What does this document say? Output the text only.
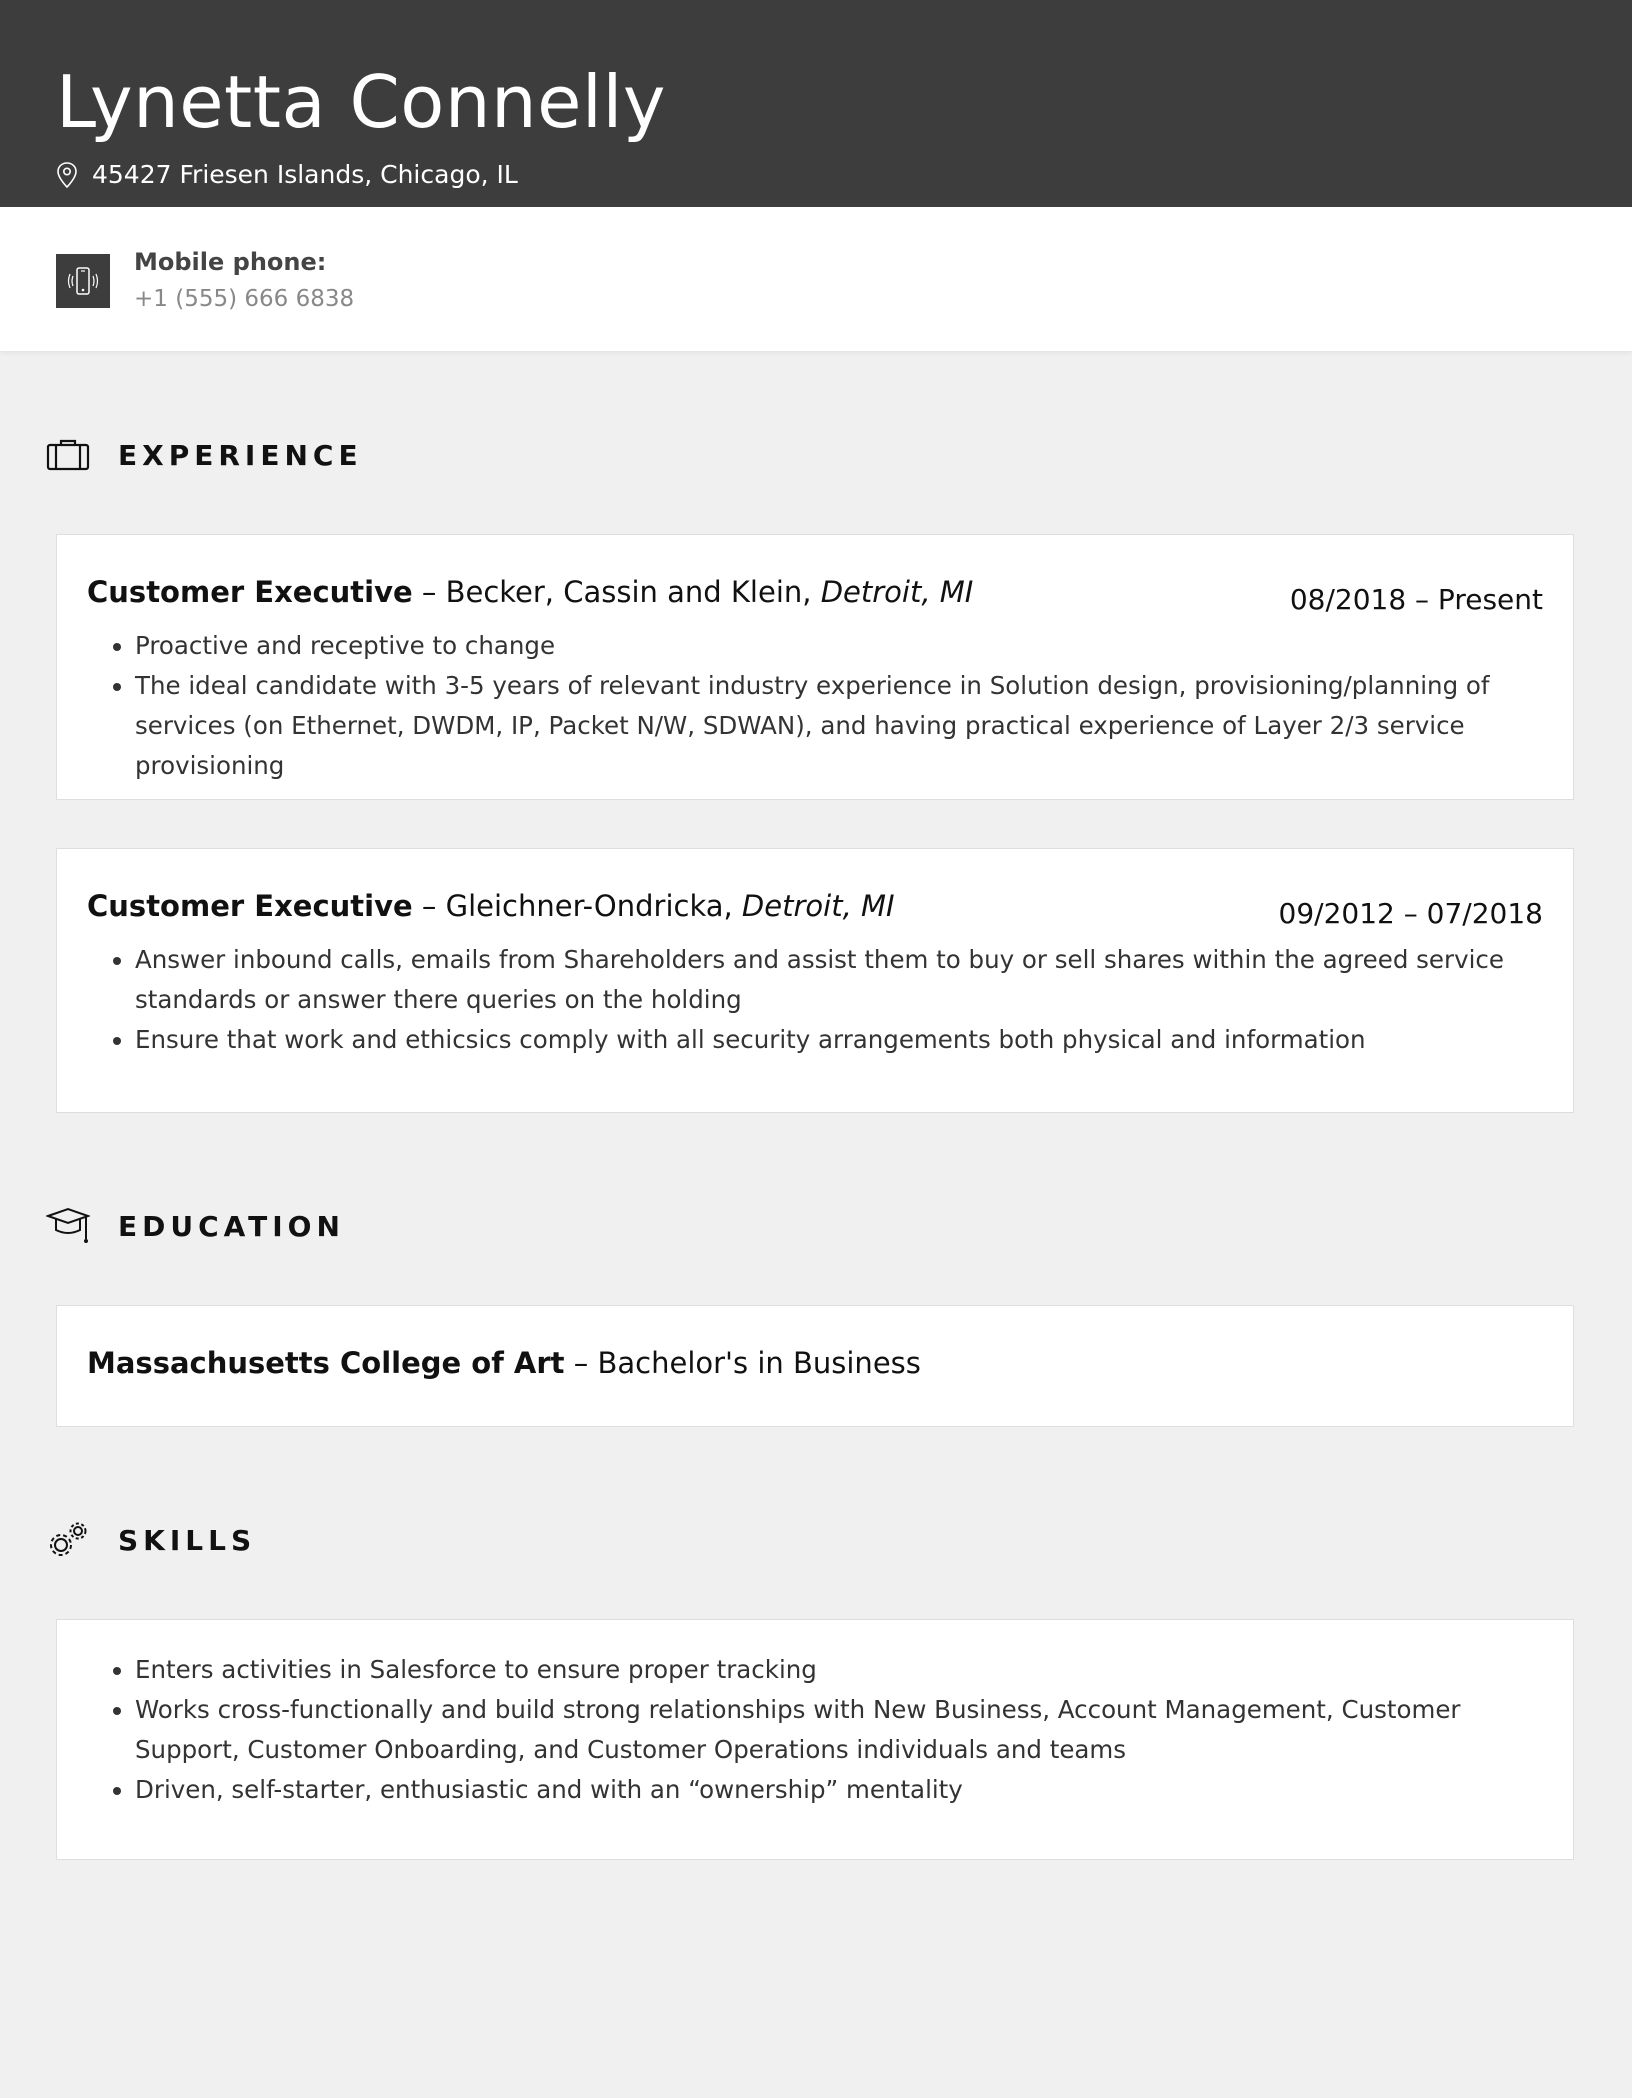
Lynetta Connelly
45427 Friesen Islands, Chicago, IL
Mobile phone:
+1 (555) 666 6838
EXPERIENCE
Customer Executive – Becker, Cassin and Klein, Detroit, MI	08/2018 – Present
• Proactive and receptive to change
• The ideal candidate with 3-5 years of relevant industry experience in Solution design, provisioning/planning of services (on Ethernet, DWDM, IP, Packet N/W, SDWAN), and having practical experience of Layer 2/3 service provisioning
Customer Executive – Gleichner-Ondricka, Detroit, MI	09/2012 – 07/2018
• Answer inbound calls, emails from Shareholders and assist them to buy or sell shares within the agreed service standards or answer there queries on the holding
• Ensure that work and ethicsics comply with all security arrangements both physical and information
EDUCATION
Massachusetts College of Art – Bachelor's in Business
SKILLS
• Enters activities in Salesforce to ensure proper tracking
• Works cross-functionally and build strong relationships with New Business, Account Management, Customer Support, Customer Onboarding, and Customer Operations individuals and teams
• Driven, self-starter, enthusiastic and with an “ownership” mentality
